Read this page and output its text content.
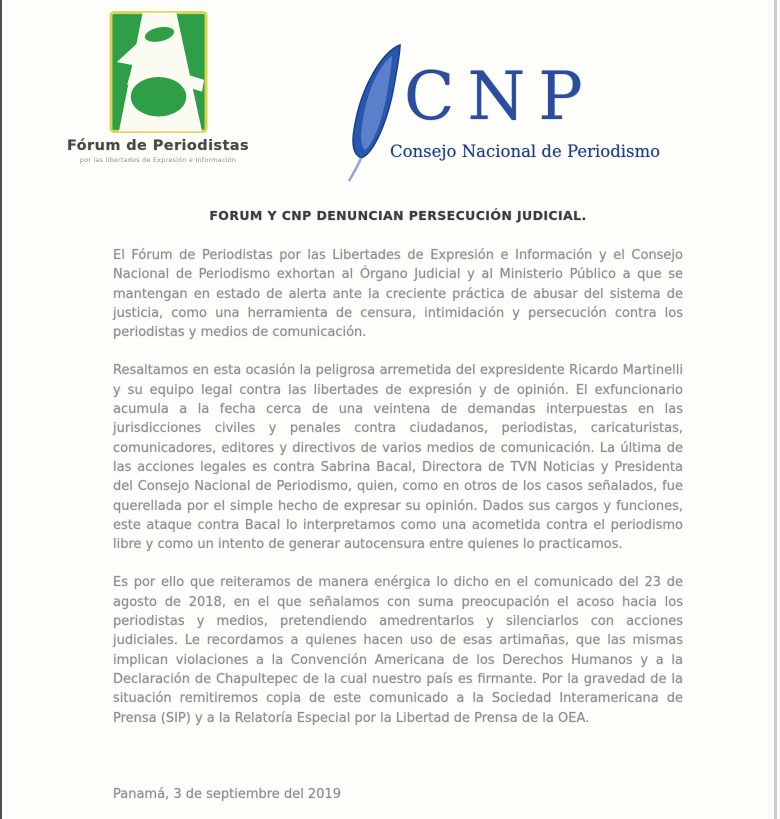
Fórum de Periodistas
por las libertades de Expresión e Información
CNP
Consejo Nacional de Periodismo
FORUM Y CNP DENUNCIAN PERSECUCIÓN JUDICIAL.

El Fórum de Periodistas por las Libertades de Expresión e Información y el Consejo Nacional de Periodismo exhortan al Órgano Judicial y al Ministerio Público a que se mantengan en estado de alerta ante la creciente práctica de abusar del sistema de justicia, como una herramienta de censura, intimidación y persecución contra los periodistas y medios de comunicación.

Resaltamos en esta ocasión la peligrosa arremetida del expresidente Ricardo Martinelli y su equipo legal contra las libertades de expresión y de opinión. El exfuncionario acumula a la fecha cerca de una veintena de demandas interpuestas en las jurisdicciones civiles y penales contra ciudadanos, periodistas, caricaturistas, comunicadores, editores y directivos de varios medios de comunicación. La última de las acciones legales es contra Sabrina Bacal, Directora de TVN Noticias y Presidenta del Consejo Nacional de Periodismo, quien, como en otros de los casos señalados, fue querellada por el simple hecho de expresar su opinión. Dados sus cargos y funciones, este ataque contra Bacal lo interpretamos como una acometida contra el periodismo libre y como un intento de generar autocensura entre quienes lo practicamos.

Es por ello que reiteramos de manera enérgica lo dicho en el comunicado del 23 de agosto de 2018, en el que señalamos con suma preocupación el acoso hacia los periodistas y medios, pretendiendo amedrentarlos y silenciarlos con acciones judiciales. Le recordamos a quienes hacen uso de esas artimañas, que las mismas implican violaciones a la Convención Americana de los Derechos Humanos y a la Declaración de Chapultepec de la cual nuestro país es firmante. Por la gravedad de la situación remitiremos copia de este comunicado a la Sociedad Interamericana de Prensa (SIP) y a la Relatoría Especial por la Libertad de Prensa de la OEA.

Panamá, 3 de septiembre del 2019
